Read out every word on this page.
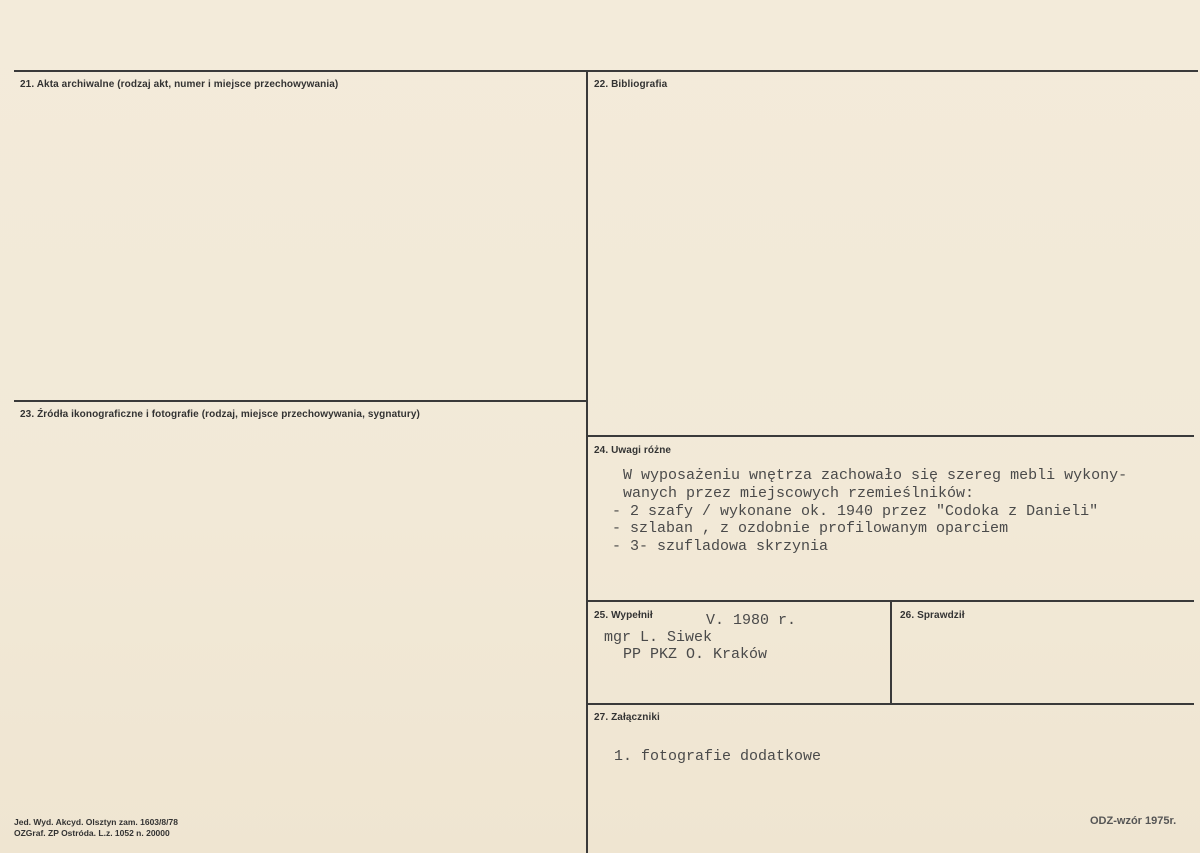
21. Akta archiwalne (rodzaj akt, numer i miejsce przechowywania)	22. Bibliografia
23. Źródła ikonograficzne i fotografie (rodzaj, miejsce przechowywania, sygnatury)
24. Uwagi różne
25. Wypełnił	26. Sprawdził
27. Załączniki
W wyposażeniu wnętrza zachowało się szereg mebli wykony-
wanych przez miejscowych rzemieślników:
- 2 szafy / wykonane ok. 1940 przez "Codoka z Danieli"
- szlaban , z ozdobnie profilowanym oparciem
- 3- szufladowa skrzynia
V. 1980 r.
mgr L. Siwek
PP PKZ O. Kraków
1. fotografie dodatkowe
Jed. Wyd. Akcyd. Olsztyn zam. 1603/8/78
OZGraf. ZP Ostróda. L.z. 1052 n. 20000
ODZ-wzór 1975r.
